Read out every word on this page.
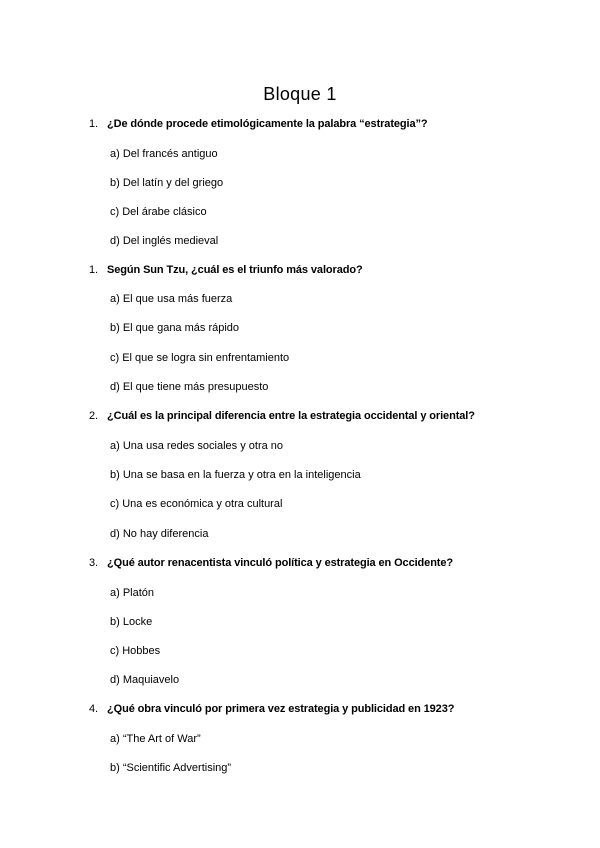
Bloque 1
1. ¿De dónde procede etimológicamente la palabra “estrategia”?
a) Del francés antiguo
b) Del latín y del griego
c) Del árabe clásico
d) Del inglés medieval
1. Según Sun Tzu, ¿cuál es el triunfo más valorado?
a) El que usa más fuerza
b) El que gana más rápido
c) El que se logra sin enfrentamiento
d) El que tiene más presupuesto
2. ¿Cuál es la principal diferencia entre la estrategia occidental y oriental?
a) Una usa redes sociales y otra no
b) Una se basa en la fuerza y otra en la inteligencia
c) Una es económica y otra cultural
d) No hay diferencia
3. ¿Qué autor renacentista vinculó política y estrategia en Occidente?
a) Platón
b) Locke
c) Hobbes
d) Maquiavelo
4. ¿Qué obra vinculó por primera vez estrategia y publicidad en 1923?
a) “The Art of War”
b) “Scientific Advertising”
